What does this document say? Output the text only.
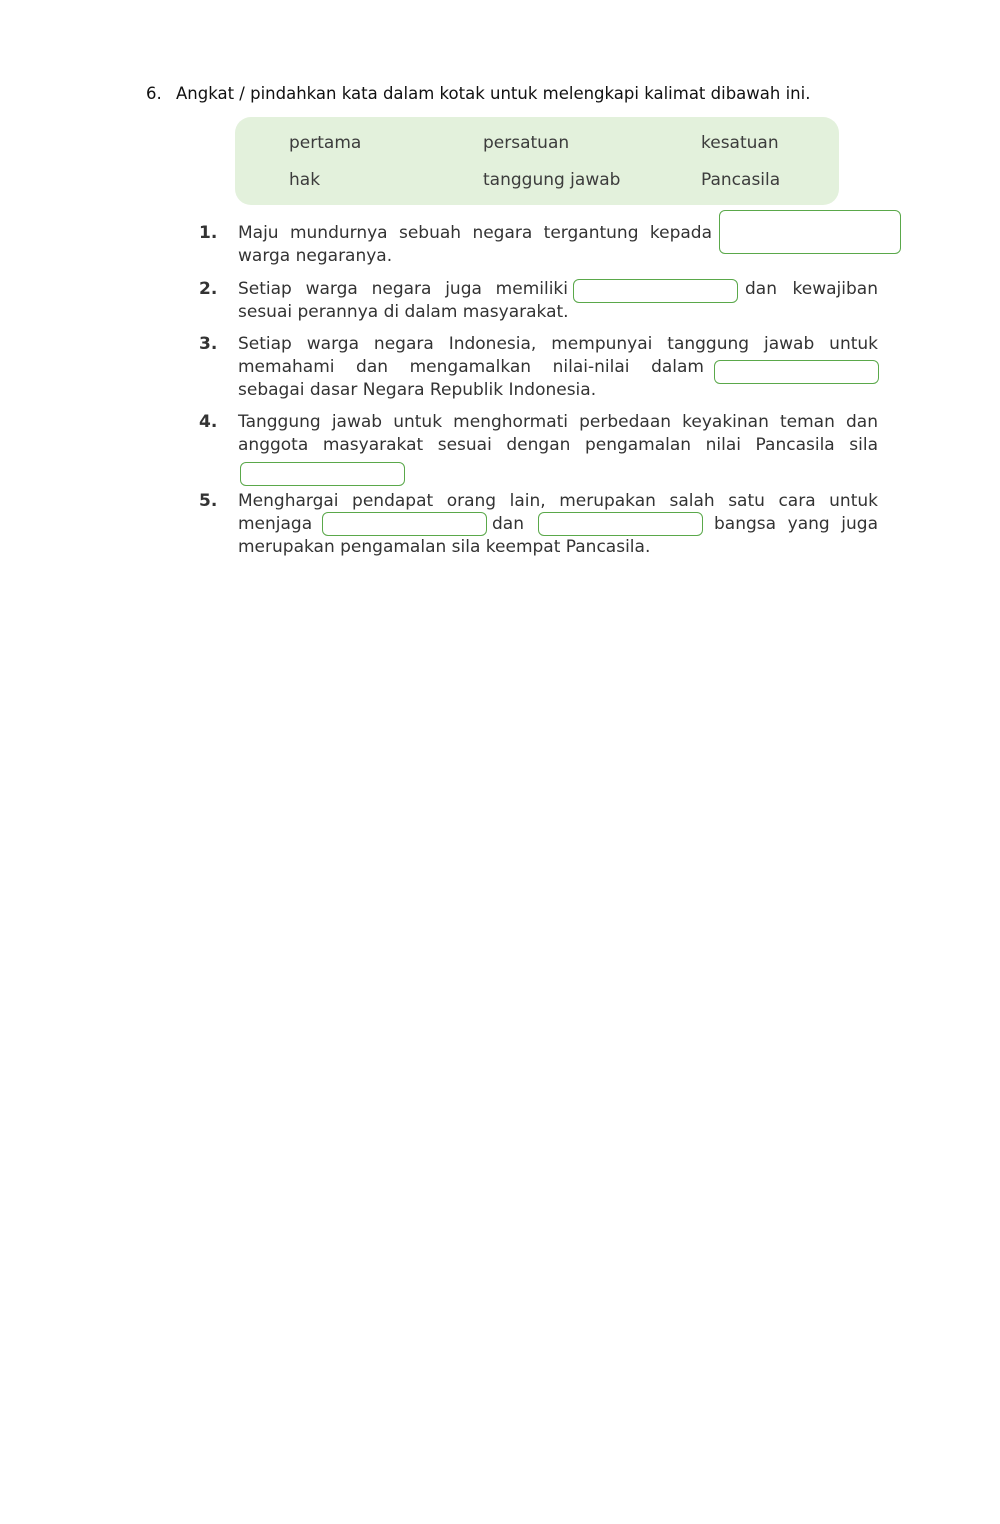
6. Angkat / pindahkan kata dalam kotak untuk melengkapi kalimat dibawah ini.
pertama	persatuan	kesatuan
hak	tanggung jawab	Pancasila
1. Maju mundurnya sebuah negara tergantung kepada
warga negaranya.
2. Setiap warga negara juga memiliki	dan kewajiban
sesuai perannya di dalam masyarakat.
3. Setiap warga negara Indonesia, mempunyai tanggung jawab untuk
memahami dan mengamalkan nilai-nilai dalam
sebagai dasar Negara Republik Indonesia.
4. Tanggung jawab untuk menghormati perbedaan keyakinan teman dan
anggota masyarakat sesuai dengan pengamalan nilai Pancasila sila
5. Menghargai pendapat orang lain, merupakan salah satu cara untuk
menjaga	dan	bangsa yang juga
merupakan pengamalan sila keempat Pancasila.
